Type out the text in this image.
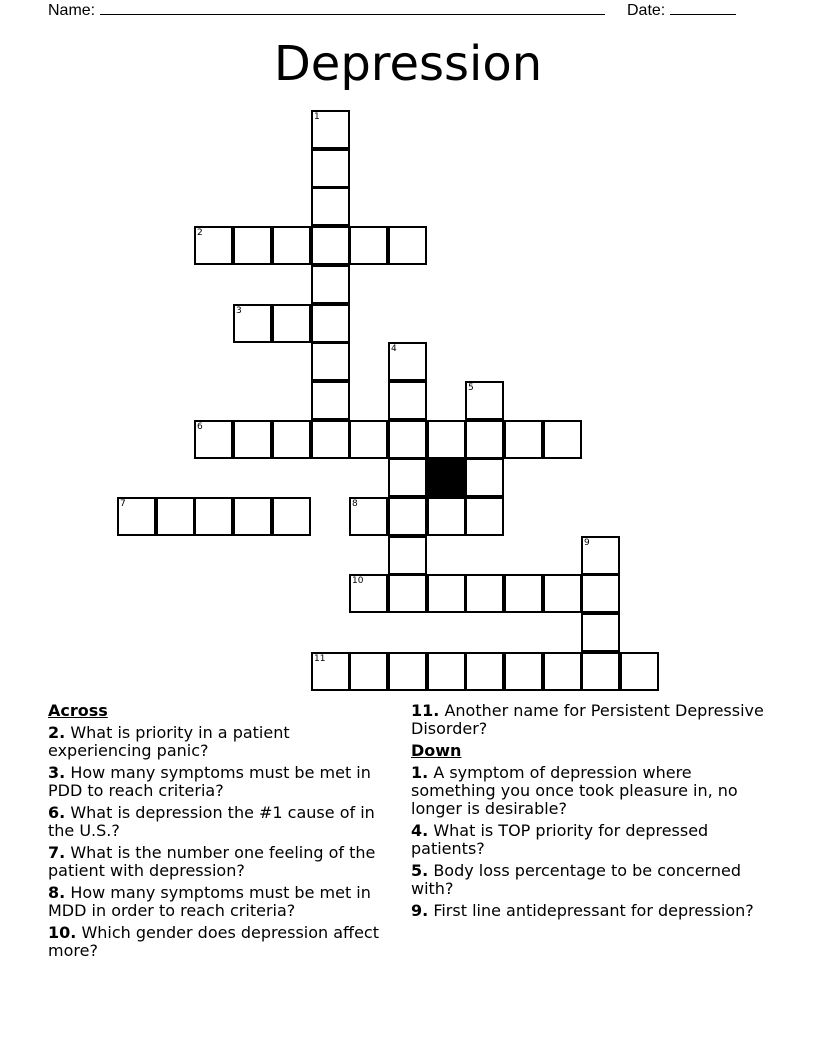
Name:	Date:
Depression
1
2
3
4
5
6
7	8
9
10
11
Across
2. What is priority in a patient experiencing panic?
3. How many symptoms must be met in PDD to reach criteria?
6. What is depression the #1 cause of in the U.S.?
7. What is the number one feeling of the patient with depression?
8. How many symptoms must be met in MDD in order to reach criteria?
10. Which gender does depression affect more?
11. Another name for Persistent Depressive Disorder?
Down
1. A symptom of depression where something you once took pleasure in, no longer is desirable?
4. What is TOP priority for depressed patients?
5. Body loss percentage to be concerned with?
9. First line antidepressant for depression?
